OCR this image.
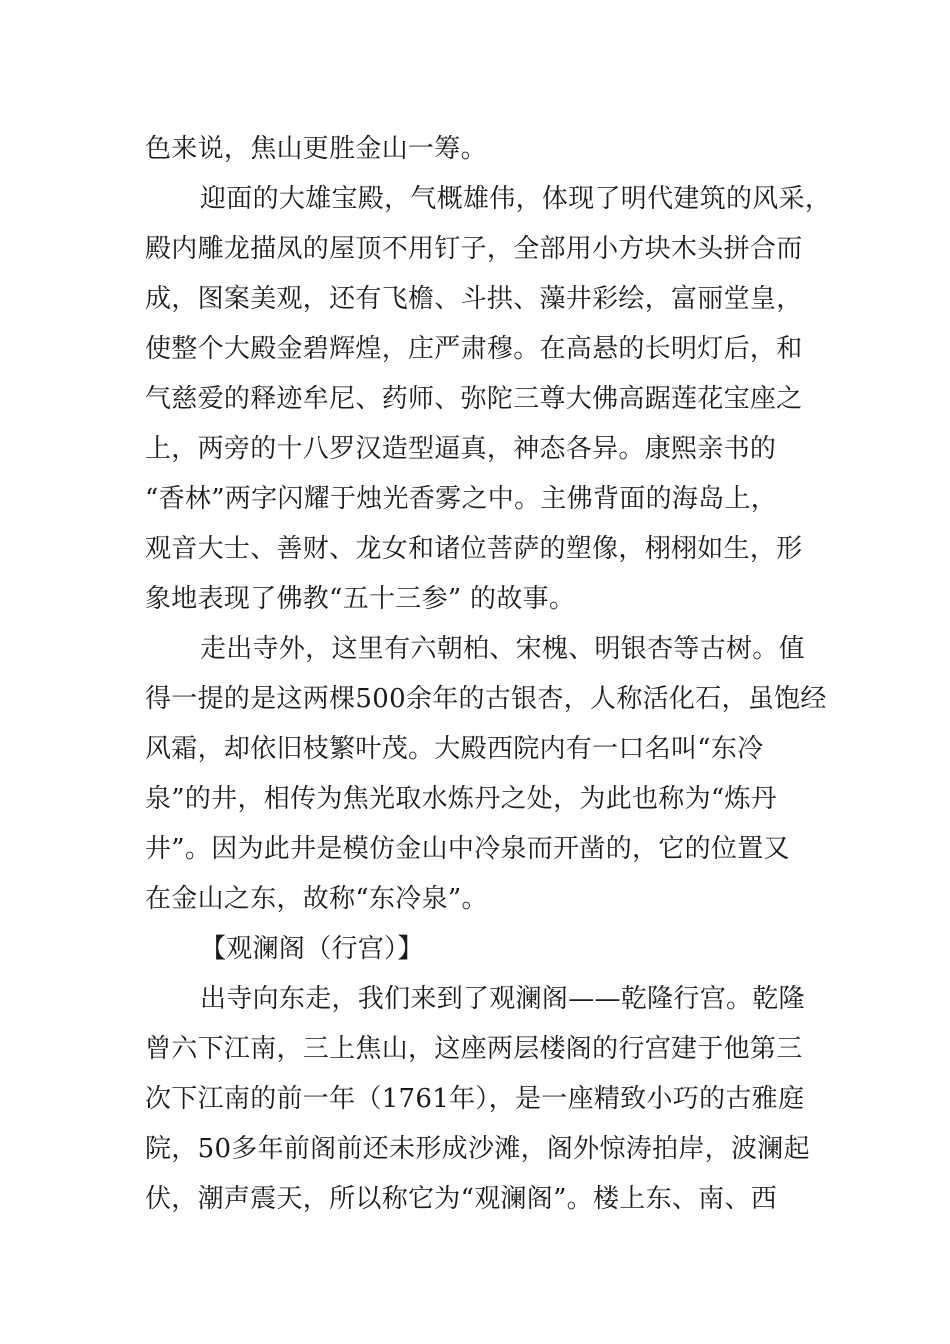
色来说，焦山更胜金山一筹。
迎面的大雄宝殿，气概雄伟，体现了明代建筑的风采，
殿内雕龙描凤的屋顶不用钉子，全部用小方块木头拼合而
成，图案美观，还有飞檐、斗拱、藻井彩绘，富丽堂皇，
使整个大殿金碧辉煌，庄严肃穆。在高悬的长明灯后，和
气慈爱的释迹牟尼、药师、弥陀三尊大佛高踞莲花宝座之
上，两旁的十八罗汉造型逼真，神态各异。康熙亲书的
“香林”两字闪耀于烛光香雾之中。主佛背面的海岛上，
观音大士、善财、龙女和诸位菩萨的塑像，栩栩如生，形
象地表现了佛教“五十三参” 的故事。
走出寺外，这里有六朝柏、宋槐、明银杏等古树。值
得一提的是这两棵500余年的古银杏，人称活化石，虽饱经
风霜，却依旧枝繁叶茂。大殿西院内有一口名叫“东冷
泉”的井，相传为焦光取水炼丹之处，为此也称为“炼丹
井”。因为此井是模仿金山中冷泉而开凿的，它的位置又
在金山之东，故称“东冷泉”。
【观澜阁（行宫）】
出寺向东走，我们来到了观澜阁——乾隆行宫。乾隆
曾六下江南，三上焦山，这座两层楼阁的行宫建于他第三
次下江南的前一年（1761年），是一座精致小巧的古雅庭
院，50多年前阁前还未形成沙滩，阁外惊涛拍岸，波澜起
伏，潮声震天，所以称它为“观澜阁”。楼上东、南、西
